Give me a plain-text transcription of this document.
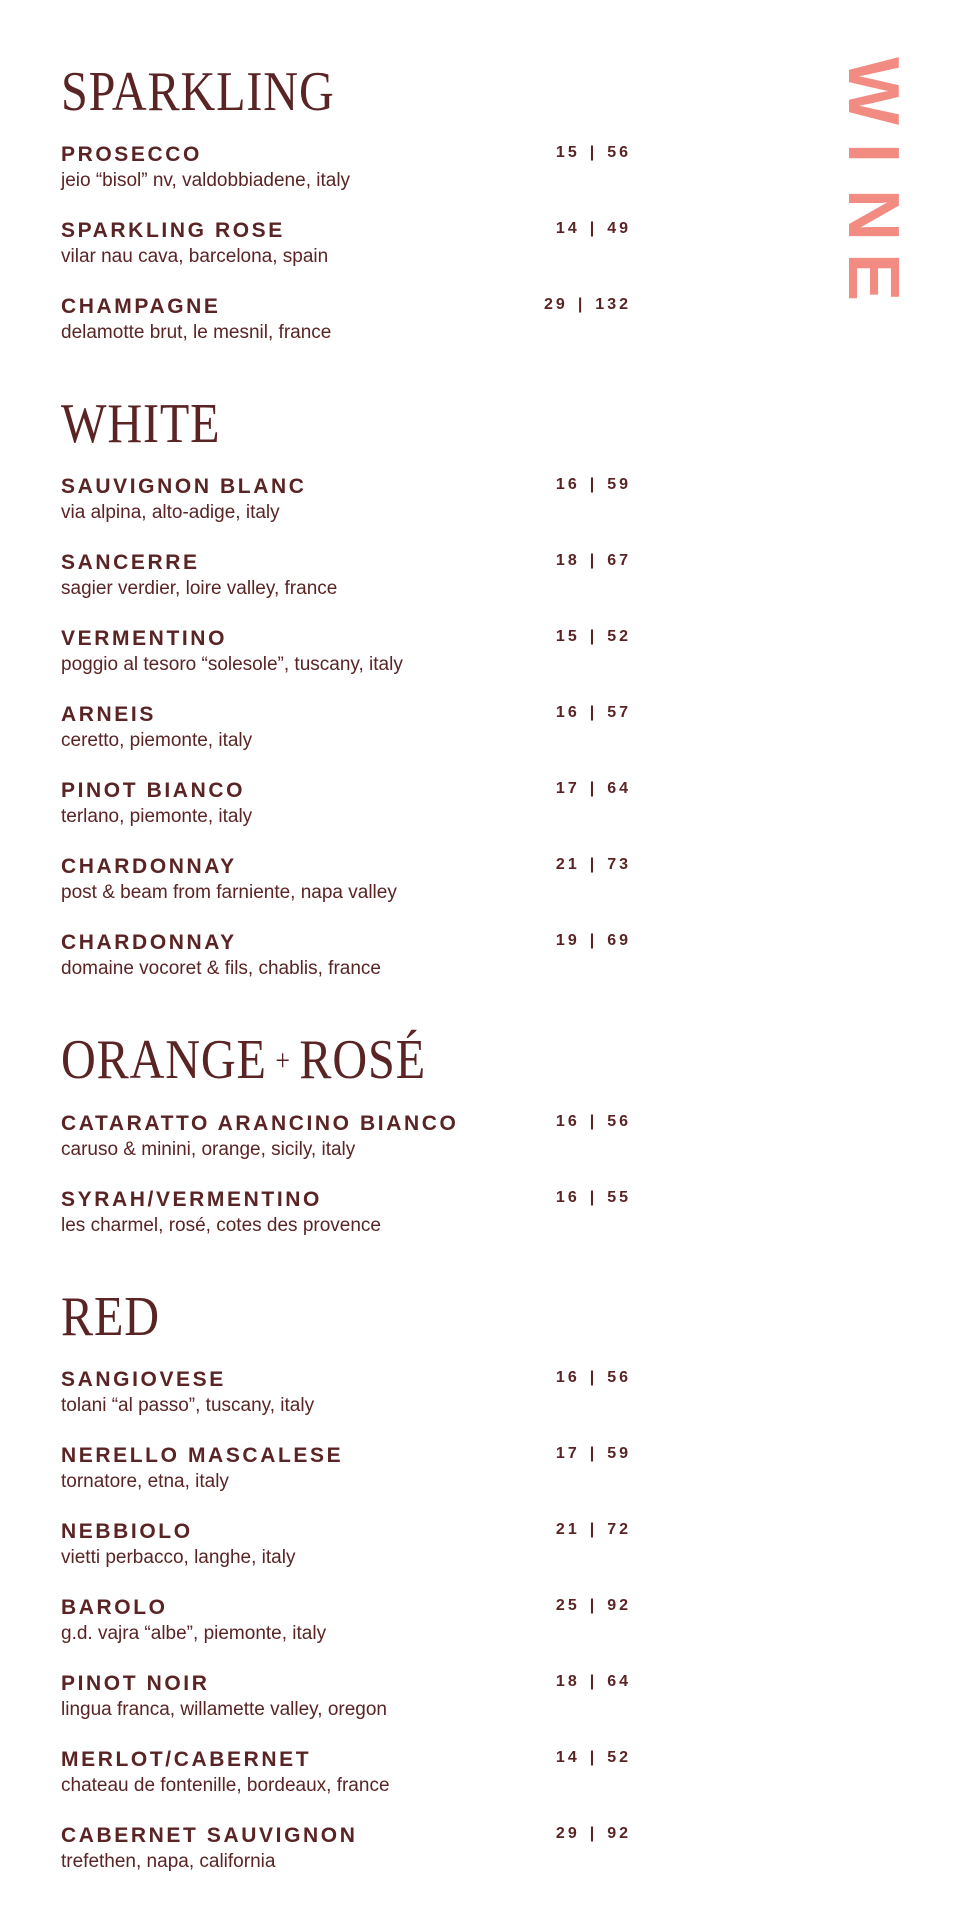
SPARKLING
PROSECCO
jeio “bisol” nv, valdobbiadene, italy
15 | 56
SPARKLING ROSE
vilar nau cava, barcelona, spain
14 | 49
CHAMPAGNE
delamotte brut, le mesnil, france
29 | 132
WHITE
SAUVIGNON BLANC
via alpina, alto-adige, italy
16 | 59
SANCERRE
sagier verdier, loire valley, france
18 | 67
VERMENTINO
poggio al tesoro “solesole”, tuscany, italy
15 | 52
ARNEIS
ceretto, piemonte, italy
16 | 57
PINOT BIANCO
terlano, piemonte, italy
17 | 64
CHARDONNAY
post & beam from farniente, napa valley
21 | 73
CHARDONNAY
domaine vocoret & fils, chablis, france
19 | 69
ORANGE + ROSÉ
CATARATTO ARANCINO BIANCO
caruso & minini, orange, sicily, italy
16 | 56
SYRAH/VERMENTINO
les charmel, rosé, cotes des provence
16 | 55
RED
SANGIOVESE
tolani “al passo”, tuscany, italy
16 | 56
NERELLO MASCALESE
tornatore, etna, italy
17 | 59
NEBBIOLO
vietti perbacco, langhe, italy
21 | 72
BAROLO
g.d. vajra “albe”, piemonte, italy
25 | 92
PINOT NOIR
lingua franca, willamette valley, oregon
18 | 64
MERLOT/CABERNET
chateau de fontenille, bordeaux, france
14 | 52
CABERNET SAUVIGNON
trefethen, napa, california
29 | 92
W
I
N
E
